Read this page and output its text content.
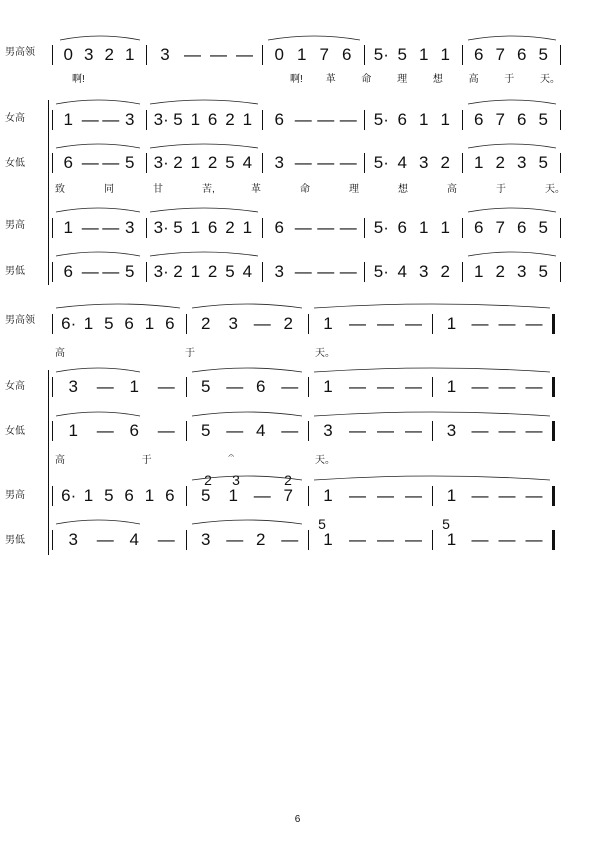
男高领
女高
女低
男高
男低
男高领
女高
女低
男高
男低
0 3 2 1 3 — — — 0 1 7 6 5· 5 1 1 6 7 6 5
1 — — 3 3· 5 1 6 2 1 6 — — — 5· 6 1 1 6 7 6 5
6 — — 5 3· 2 1 2 5 4 3 — — — 5· 4 3 2 1 2 3 5
1 — — 3 3· 5 1 6 2 1 6 — — — 5· 6 1 1 6 7 6 5
6 — — 5 3· 2 1 2 5 4 3 — — — 5· 4 3 2 1 2 3 5
啊!	啊! 革	命	理	想	高	于	天。
致	同	甘	苦,	革	命	理	想	高	于	天。
6· 1 5 6 1 6 2 3 — 2 1 — — — 1 — — —
3 — 1 — 5 — 6 — 1 — — — 1 — — —
1 — 6 — 5 — 4 — 3 — — — 3 — — —
6· 1 5 6 1 6 5 1 — 7 1 — — — 1 — — —
2 3	2
3 — 4 — 3 — 2 — 1 — — — 1 — — —
5	5
高	于	天。
高	于	𝄐	天。
6
